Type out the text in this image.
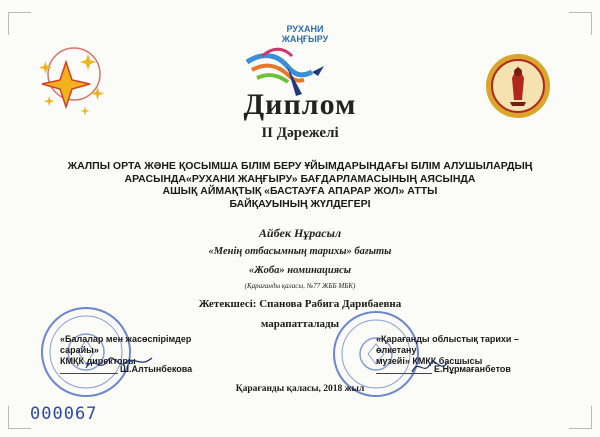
РУХАНИ
ЖАҢҒЫРУ
Диплом
II Дәрежелі
ЖАЛПЫ ОРТА ЖӘНЕ ҚОСЫМША БІЛІМ БЕРУ ҰЙЫМДАРЫНДАҒЫ БІЛІМ АЛУШЫЛАРДЫҢ
АРАСЫНДА«РУХАНИ ЖАҢҒЫРУ» БАҒДАРЛАМАСЫНЫҢ АЯСЫНДА
АШЫҚ АЙМАҚТЫҚ «БАСТАУҒА АПАРАР ЖОЛ» АТТЫ
БАЙҚАУЫНЫҢ ЖҮЛДЕГЕРІ
Айбек Нұрасыл
«Менің отбасымның тарихы» бағыты
«Жоба» номинациясы
(Қарағанды қаласы, №77 ЖББ МБК)
Жетекшесі: Спанова Рабига Дарибаевна
марапатталады
«Балалар мен жасөспірімдер сарайы»
КМҚК директоры
Ш.Алтынбекова
«Қарағанды облыстық тарихи – өлкетану
музейі» КМҚК басшысы
Е.Нұрмағанбетов
Қарағанды қаласы, 2018 жыл
000067
